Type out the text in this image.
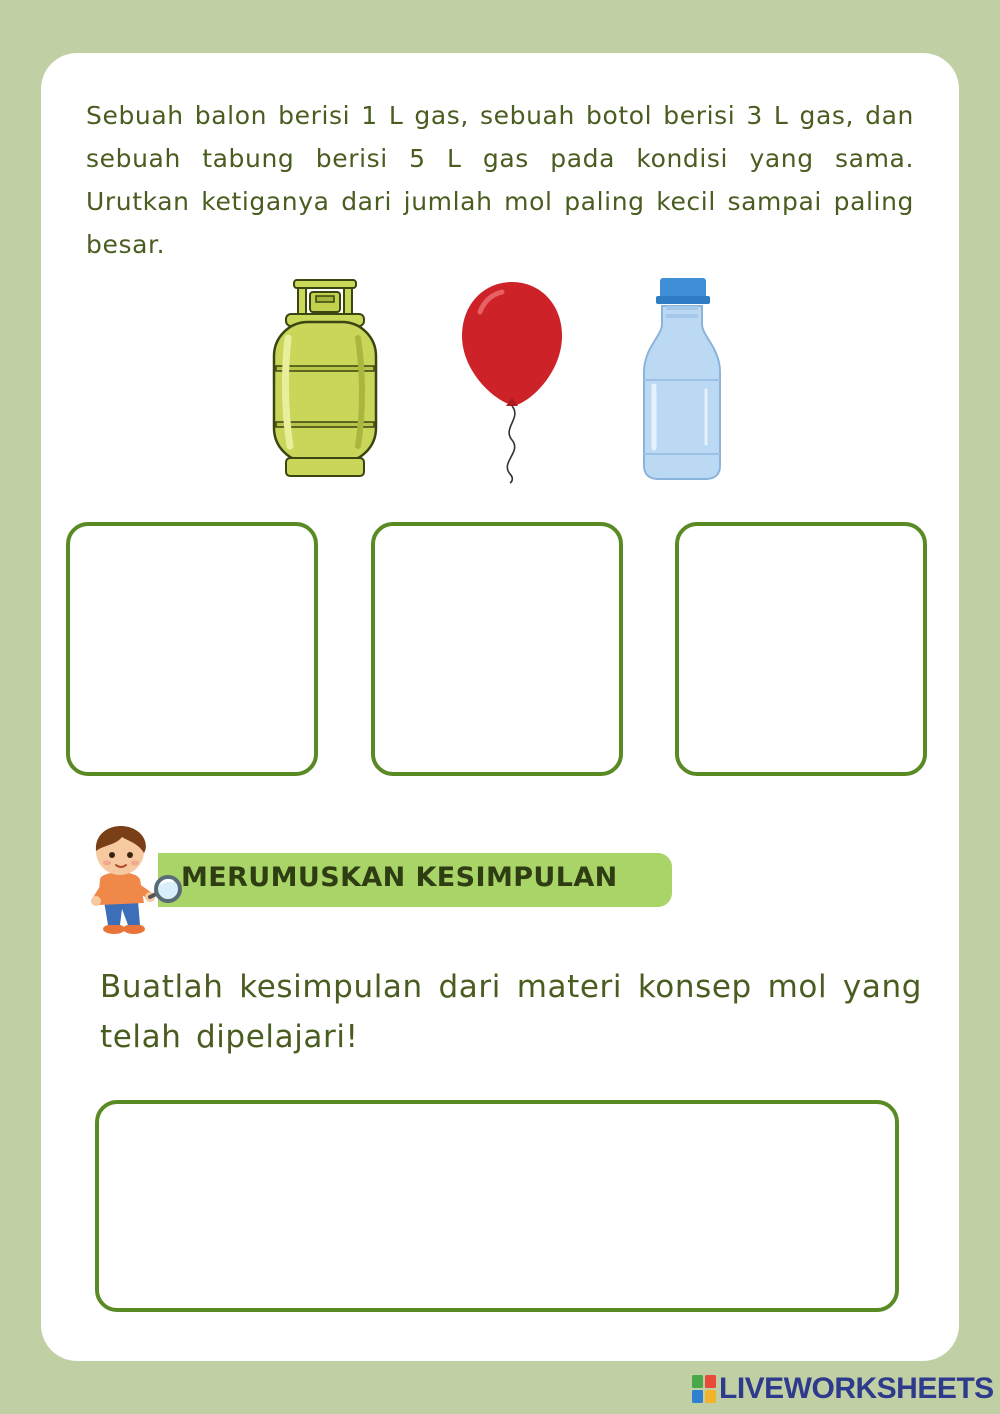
Sebuah balon berisi 1 L gas, sebuah botol berisi 3 L gas, dan sebuah tabung berisi 5 L gas pada kondisi yang sama. Urutkan ketiganya dari jumlah mol paling kecil sampai paling besar.

MERUMUSKAN KESIMPULAN

Buatlah kesimpulan dari materi konsep mol yang telah dipelajari!

LIVEWORKSHEETS
